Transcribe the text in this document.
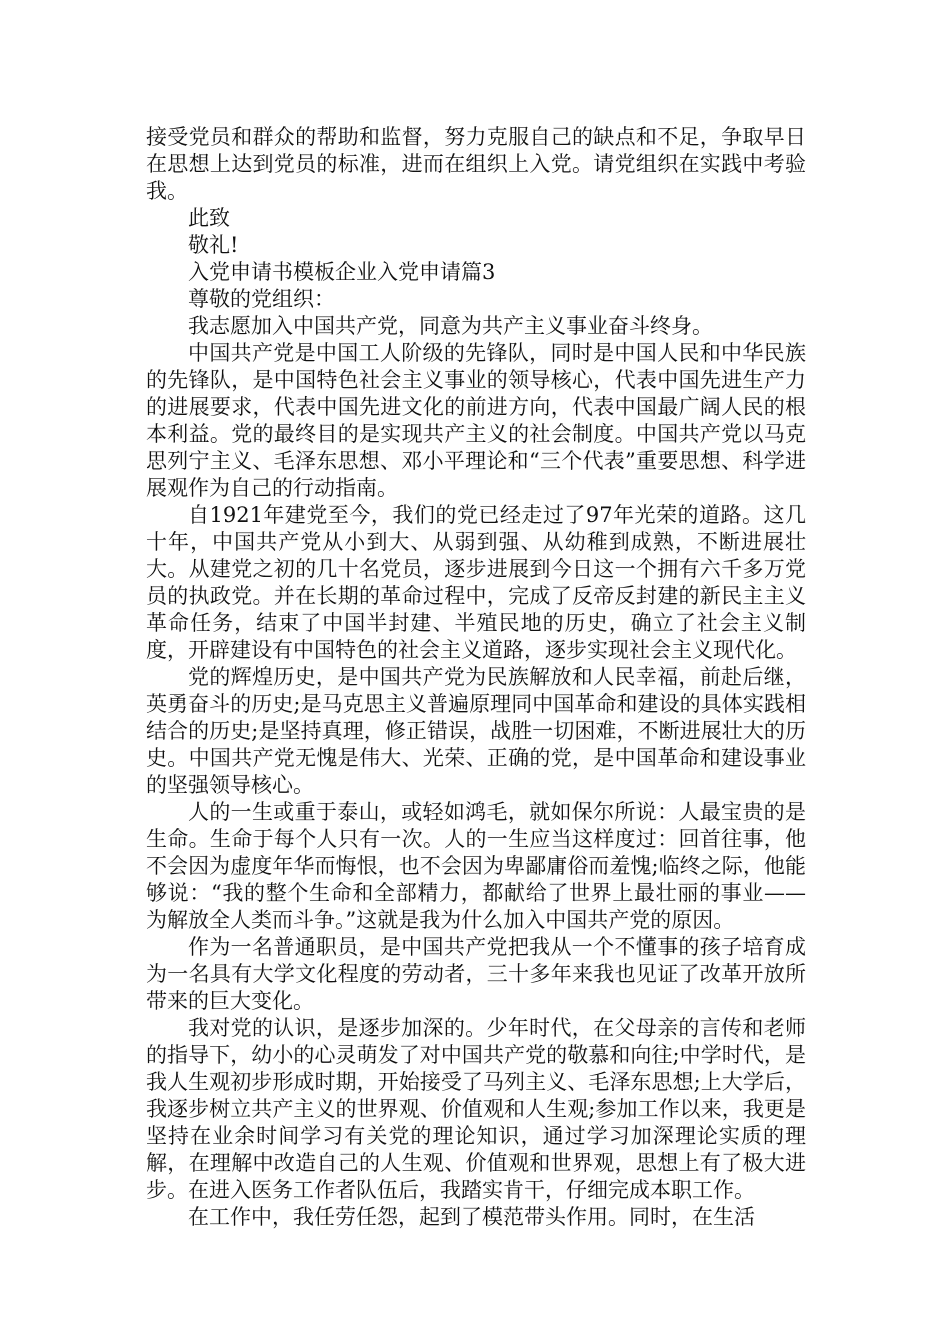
接受党员和群众的帮助和监督，努力克服自己的缺点和不足，争取早日在思想上达到党员的标准，进而在组织上入党。请党组织在实践中考验我。

此致

敬礼!

入党申请书模板企业入党申请篇3

尊敬的党组织：

我志愿加入中国共产党，同意为共产主义事业奋斗终身。

中国共产党是中国工人阶级的先锋队，同时是中国人民和中华民族的先锋队，是中国特色社会主义事业的领导核心，代表中国先进生产力的进展要求，代表中国先进文化的前进方向，代表中国最广阔人民的根本利益。党的最终目的是实现共产主义的社会制度。中国共产党以马克思列宁主义、毛泽东思想、邓小平理论和“三个代表”重要思想、科学进展观作为自己的行动指南。

自1921年建党至今，我们的党已经走过了97年光荣的道路。这几十年，中国共产党从小到大、从弱到强、从幼稚到成熟，不断进展壮大。从建党之初的几十名党员，逐步进展到今日这一个拥有六千多万党员的执政党。并在长期的革命过程中，完成了反帝反封建的新民主主义革命任务，结束了中国半封建、半殖民地的历史，确立了社会主义制度，开辟建设有中国特色的社会主义道路，逐步实现社会主义现代化。

党的辉煌历史，是中国共产党为民族解放和人民幸福，前赴后继，英勇奋斗的历史;是马克思主义普遍原理同中国革命和建设的具体实践相结合的历史;是坚持真理，修正错误，战胜一切困难，不断进展壮大的历史。中国共产党无愧是伟大、光荣、正确的党，是中国革命和建设事业的坚强领导核心。

人的一生或重于泰山，或轻如鸿毛，就如保尔所说：人最宝贵的是生命。生命于每个人只有一次。人的一生应当这样度过：回首往事，他不会因为虚度年华而悔恨，也不会因为卑鄙庸俗而羞愧;临终之际，他能够说：“我的整个生命和全部精力，都献给了世界上最壮丽的事业——为解放全人类而斗争。”这就是我为什么加入中国共产党的原因。

作为一名普通职员，是中国共产党把我从一个不懂事的孩子培育成为一名具有大学文化程度的劳动者，三十多年来我也见证了改革开放所带来的巨大变化。

我对党的认识，是逐步加深的。少年时代，在父母亲的言传和老师的指导下，幼小的心灵萌发了对中国共产党的敬慕和向往;中学时代，是我人生观初步形成时期，开始接受了马列主义、毛泽东思想;上大学后，我逐步树立共产主义的世界观、价值观和人生观;参加工作以来，我更是坚持在业余时间学习有关党的理论知识，通过学习加深理论实质的理解，在理解中改造自己的人生观、价值观和世界观，思想上有了极大进步。在进入医务工作者队伍后，我踏实肯干，仔细完成本职工作。

在工作中，我任劳任怨，起到了模范带头作用。同时，在生活
